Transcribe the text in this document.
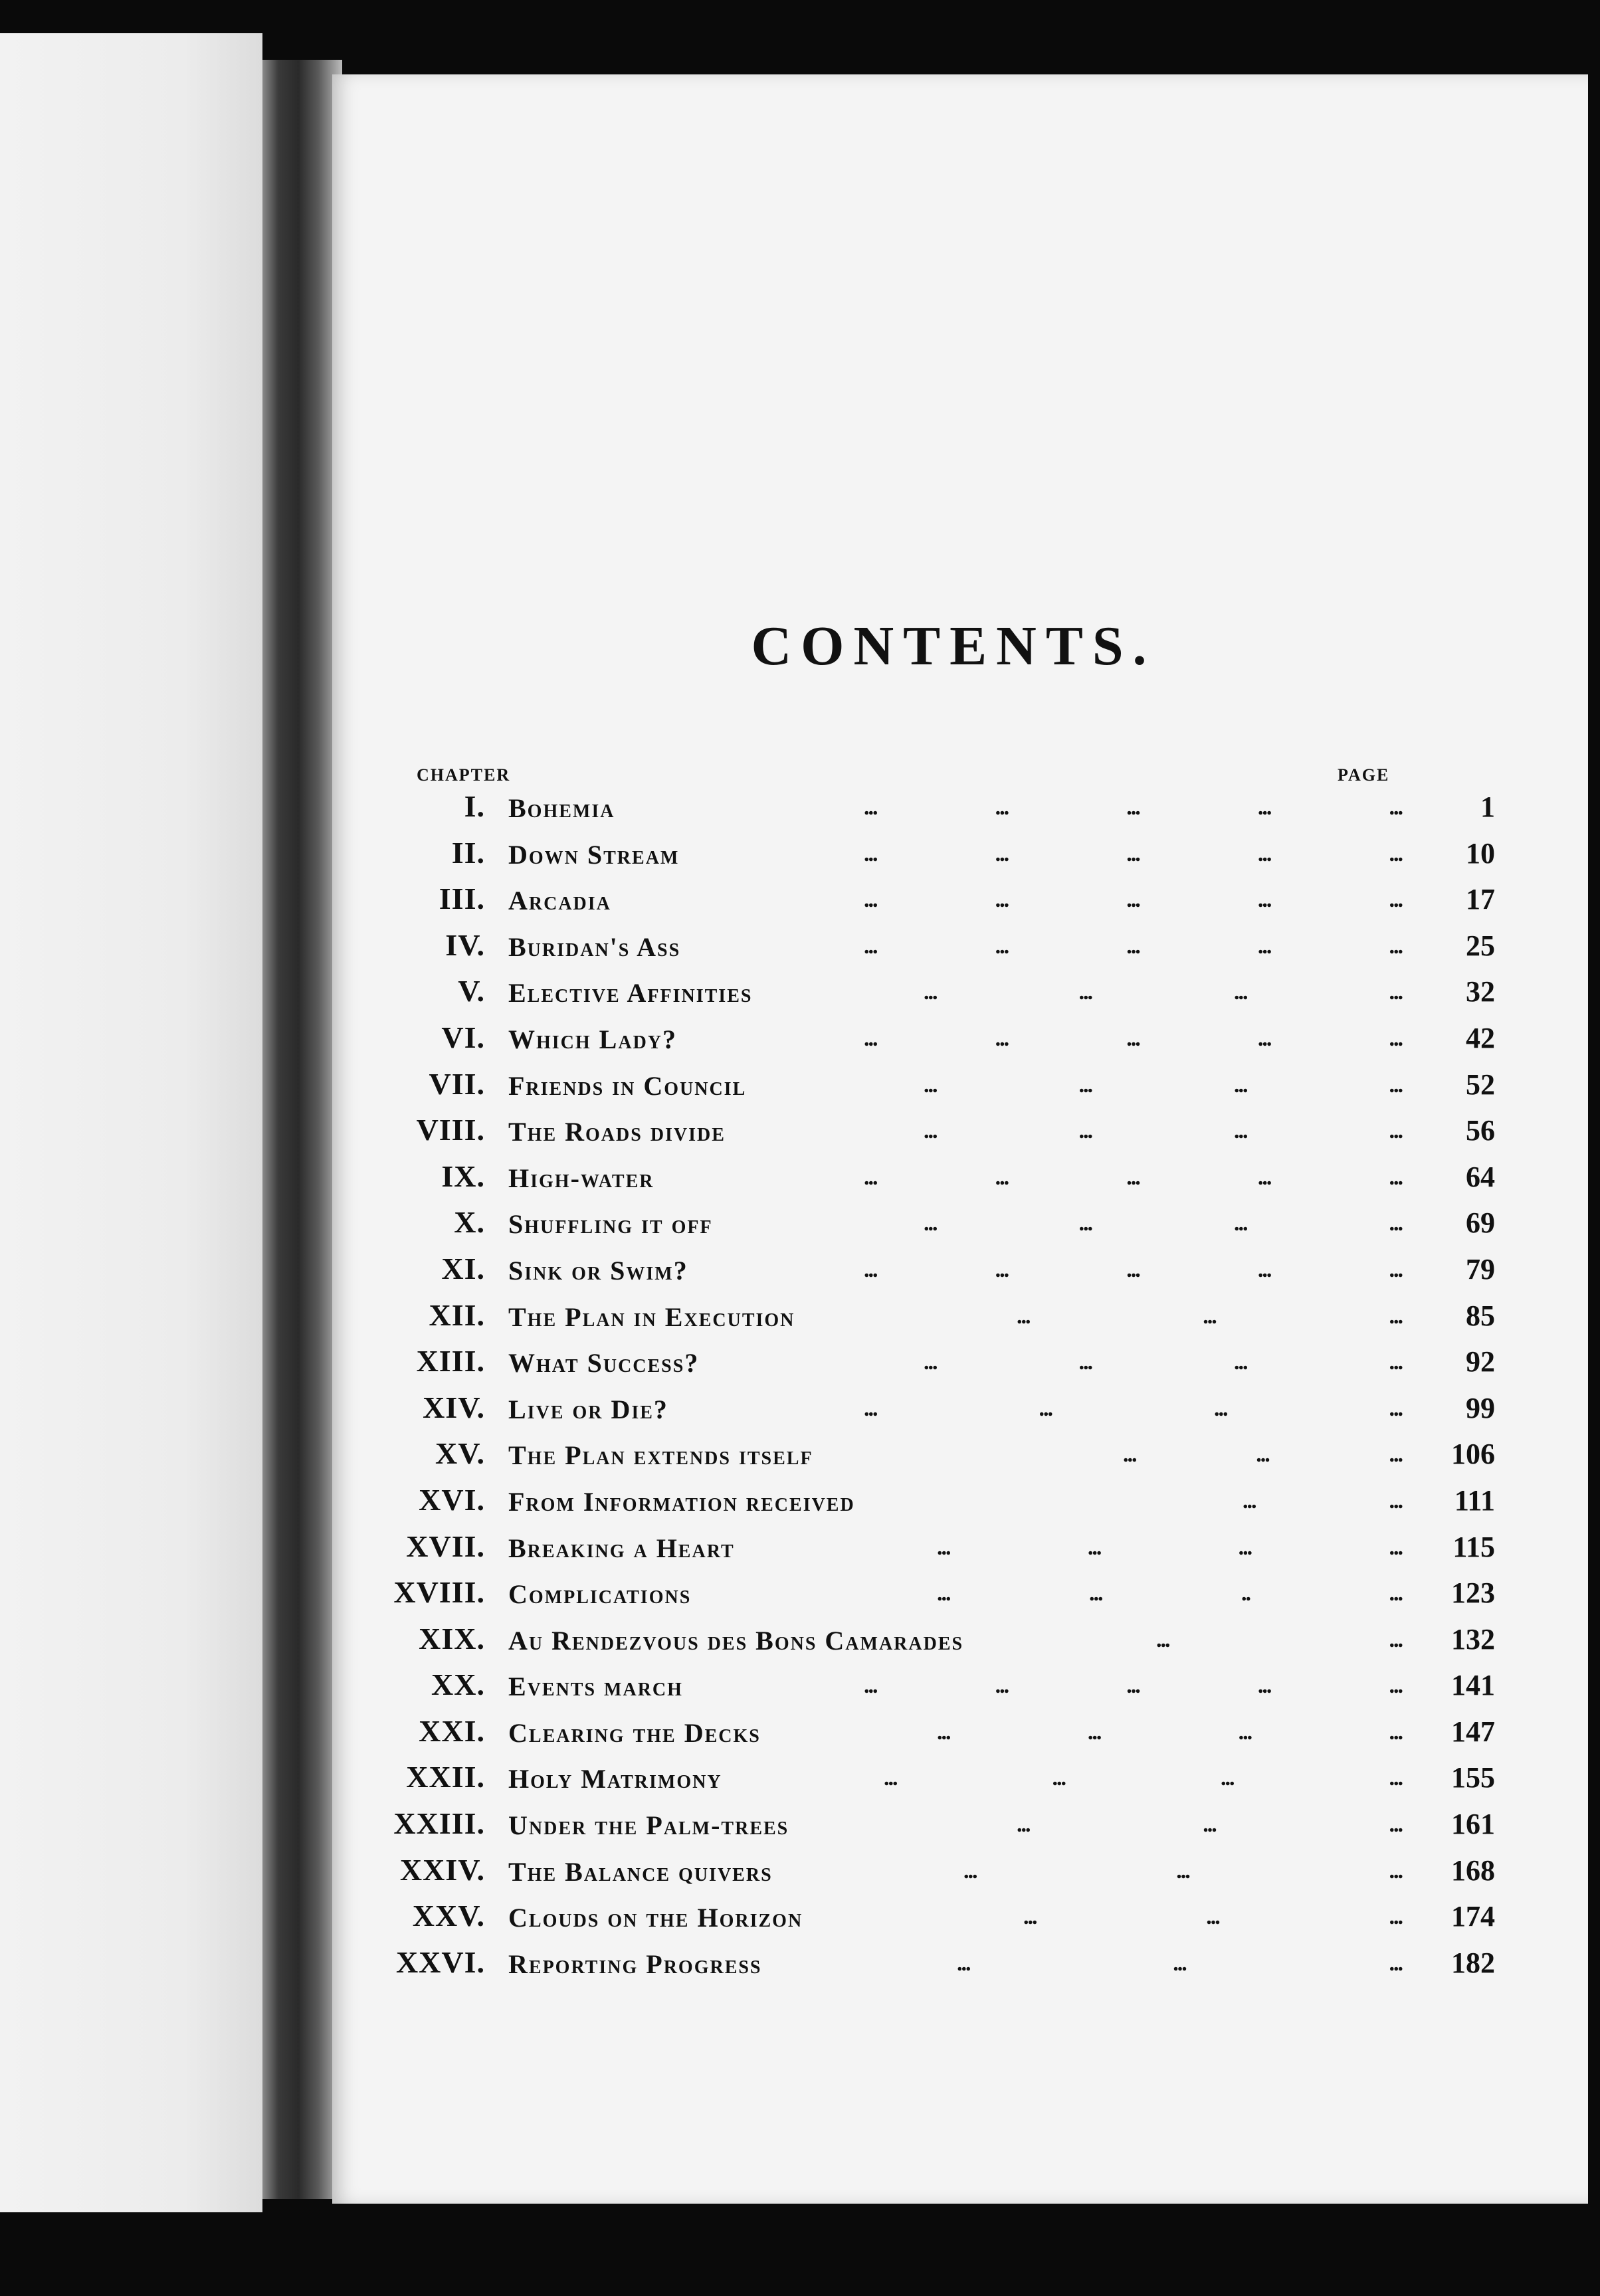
CONTENTS.
CHAPTER	PAGE
I. Bohemia	...	...	...	...	...	1
II. Down Stream	...	...	...	...	...	10
III. Arcadia	...	...	...	...	...	17
IV. Buridan's Ass	...	...	...	...	...	25
V. Elective Affinities	...	...	...	...	32
VI. Which Lady?	...	...	...	...	...	42
VII. Friends in Council	...	...	...	...	52
VIII. The Roads divide	...	...	...	...	56
IX. High-water	...	...	...	...	...	64
X. Shuffling it off	...	...	...	...	69
XI. Sink or Swim?	...	...	...	...	...	79
XII. The Plan in Execution	...	...	...	85
XIII. What Success?	...	...	...	...	92
XIV. Live or Die?	...	...	...	...	99
XV. The Plan extends itself	...	...	...	106
XVI. From Information received	...	...	111
XVII. Breaking a Heart	...	...	...	...	115
XVIII. Complications	...	...	..	...	123
XIX. Au Rendezvous des Bons Camarades	...	...	132
XX. Events march	...	...	...	...	...	141
XXI. Clearing the Decks	...	...	...	...	147
XXII. Holy Matrimony	...	...	...	...	155
XXIII. Under the Palm-trees	...	...	...	161
XXIV. The Balance quivers	...	...	...	168
XXV. Clouds on the Horizon	...	...	...	174
XXVI. Reporting Progress	...	...	...	182
